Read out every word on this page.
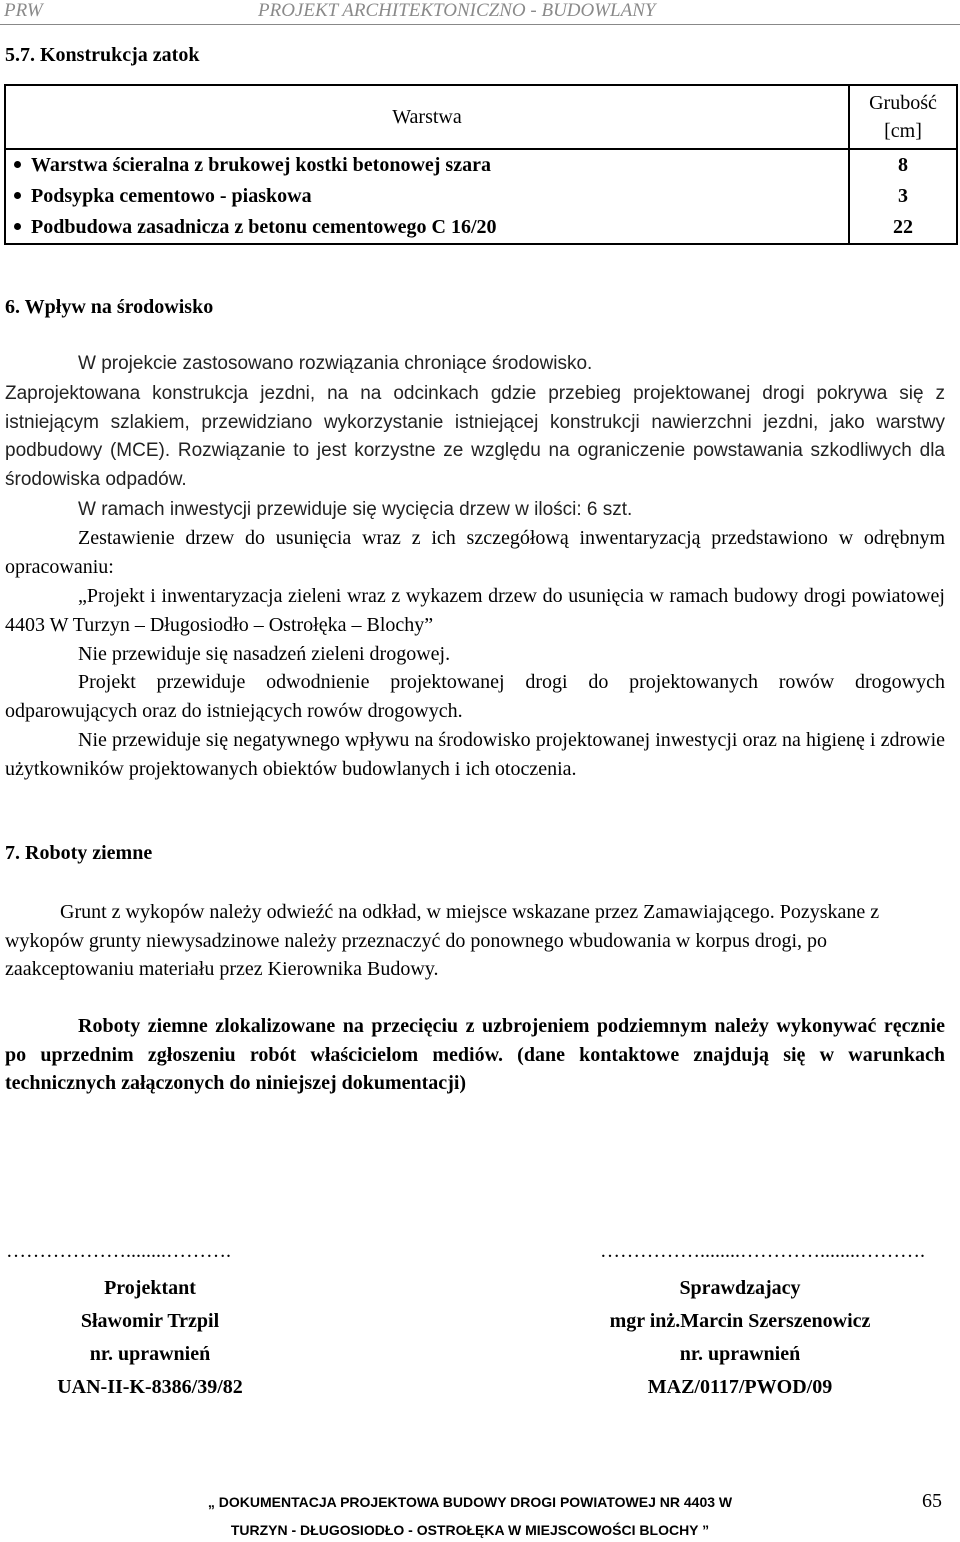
PRW	PROJEKT ARCHITEKTONICZNO - BUDOWLANY
5.7. Konstrukcja zatok
Warstwa	Grubość
[cm]
Warstwa ścieralna z brukowej kostki betonowej szara	8
Podsypka cementowo - piaskowa	3
Podbudowa zasadnicza z betonu cementowego C 16/20	22
6. Wpływ na środowisko

W projekcie zastosowano rozwiązania chroniące środowisko.

Zaprojektowana konstrukcja jezdni, na na odcinkach gdzie przebieg projektowanej drogi pokrywa się z istniejącym szlakiem, przewidziano wykorzystanie istniejącej konstrukcji nawierzchni jezdni, jako warstwy podbudowy (MCE). Rozwiązanie to jest korzystne ze względu na ograniczenie powstawania szkodliwych dla środowiska odpadów.

W ramach inwestycji przewiduje się wycięcia drzew w ilości: 6 szt.

Zestawienie drzew do usunięcia wraz z ich szczegółową inwentaryzacją przedstawiono w odrębnym opracowaniu:

„Projekt i inwentaryzacja zieleni wraz z wykazem drzew do usunięcia w ramach budowy drogi powiatowej 4403 W Turzyn – Długosiodło – Ostrołęka – Blochy”

Nie przewiduje się nasadzeń zieleni drogowej.

Projekt przewiduje odwodnienie projektowanej drogi do projektowanych rowów drogowych odparowujących oraz do istniejących rowów drogowych.

Nie przewiduje się negatywnego wpływu na środowisko projektowanej inwestycji oraz na higienę i zdrowie użytkowników projektowanych obiektów budowlanych i ich otoczenia.

7. Roboty ziemne

Grunt z wykopów należy odwieźć na odkład, w miejsce wskazane przez Zamawiającego. Pozyskane z wykopów grunty niewysadzinowe należy przeznaczyć do ponownego wbudowania w korpus drogi, po zaakceptowaniu materiału przez Kierownika Budowy.

Roboty ziemne zlokalizowane na przecięciu z uzbrojeniem podziemnym należy wykonywać ręcznie po uprzednim zgłoszeniu robót właścicielom mediów. (dane kontaktowe znajdują się w warunkach technicznych załączonych do niniejszej dokumentacji)

………………........……….	……………........…………........……….
Projektant
Sławomir Trzpil
nr. uprawnień
UAN-II-K-8386/39/82
Sprawdzajacy
mgr inż.Marcin Szerszenowicz
nr. uprawnień
MAZ/0117/PWOD/09
„ DOKUMENTACJA PROJEKTOWA BUDOWY DROGI POWIATOWEJ NR 4403 W
TURZYN - DŁUGOSIODŁO - OSTROŁĘKA W MIEJSCOWOŚCI BLOCHY ”
65
